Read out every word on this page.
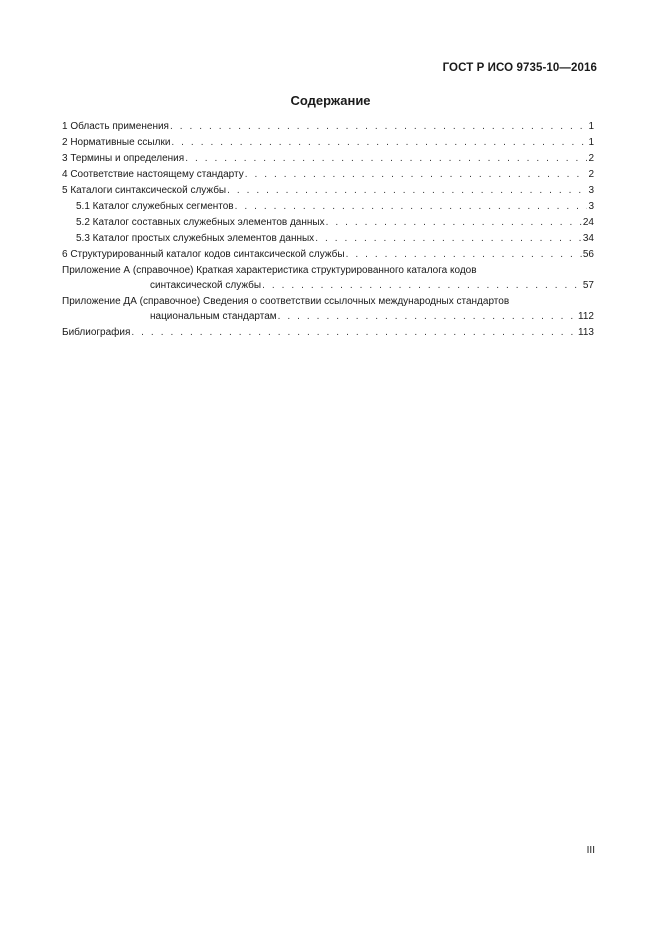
ГОСТ Р ИСО 9735-10—2016
Содержание
1 Область применения . . .	1
2 Нормативные ссылки . . .	1
3 Термины и определения . . .	2
4 Соответствие настоящему стандарту . . .	2
5 Каталоги синтаксической службы . . .	3
5.1 Каталог служебных сегментов . . .	3
5.2 Каталог составных служебных элементов данных . . .	24
5.3 Каталог простых служебных элементов данных . . .	34
6 Структурированный каталог кодов синтаксической службы . . .	56
Приложение А (справочное) Краткая характеристика структурированного каталога кодов
синтаксической службы . . .	57
Приложение ДА (справочное) Сведения о соответствии ссылочных международных стандартов
национальным стандартам . . .	112
Библиография . . .	113
III
